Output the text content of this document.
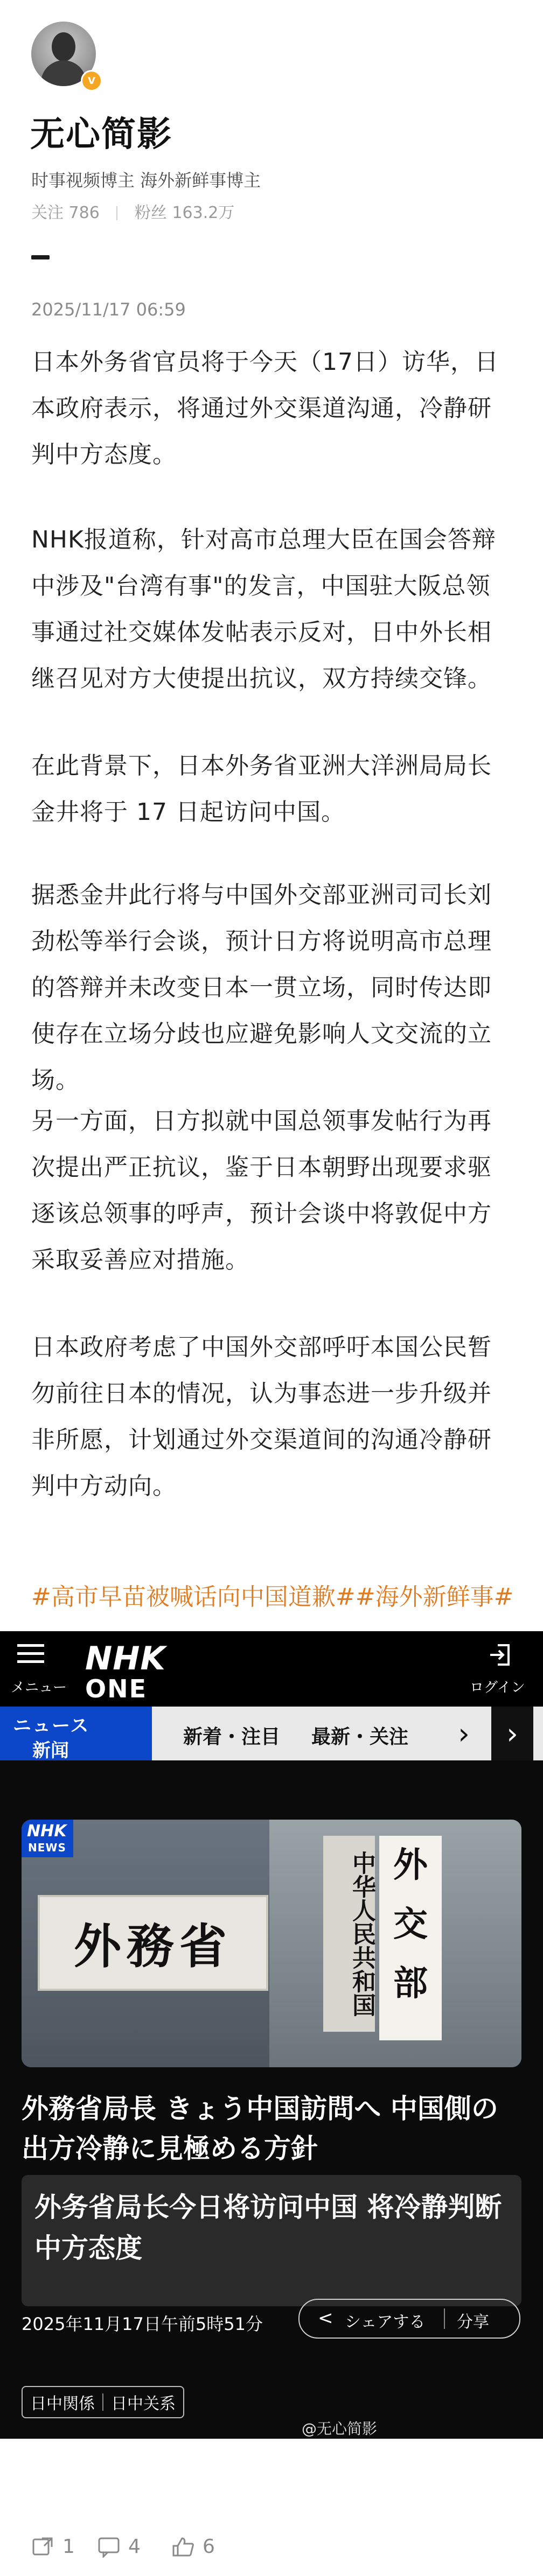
V
无心简影
时事视频博主 海外新鲜事博主
关注 786 粉丝 163.2万
2025/11/17 06:59
日本外务省官员将于今天（17日）访华，日本政府表示，将通过外交渠道沟通，冷静研判中方态度。
NHK报道称，针对高市总理大臣在国会答辩中涉及"台湾有事"的发言，中国驻大阪总领事通过社交媒体发帖表示反对，日中外长相继召见对方大使提出抗议，双方持续交锋。
在此背景下，日本外务省亚洲大洋洲局局长金井将于 17 日起访问中国。
据悉金井此行将与中国外交部亚洲司司长刘劲松等举行会谈，预计日方将说明高市总理的答辩并未改变日本一贯立场，同时传达即使存在立场分歧也应避免影响人文交流的立场。
另一方面，日方拟就中国总领事发帖行为再次提出严正抗议，鉴于日本朝野出现要求驱逐该总领事的呼声，预计会谈中将敦促中方采取妥善应对措施。
日本政府考虑了中国外交部呼吁本国公民暂勿前往日本的情况，认为事态进一步升级并非所愿，计划通过外交渠道间的沟通冷静研判中方动向。
#高市早苗被喊话向中国道歉##海外新鲜事#
メニュー
NHK
ONE	ログイン
ニュース
新闻
新着・注目 最新・关注	›	›
外務省
NHK
NEWS
中华人民共和国 外交部
外務省局長 きょう中国訪問へ 中国側の出方冷静に見極める方針
外务省局长今日将访问中国 将冷静判断中方态度
2025年11月17日午前5時51分	< シェアする 分享
日中関係 日中关系
@无心简影
1	4	6
